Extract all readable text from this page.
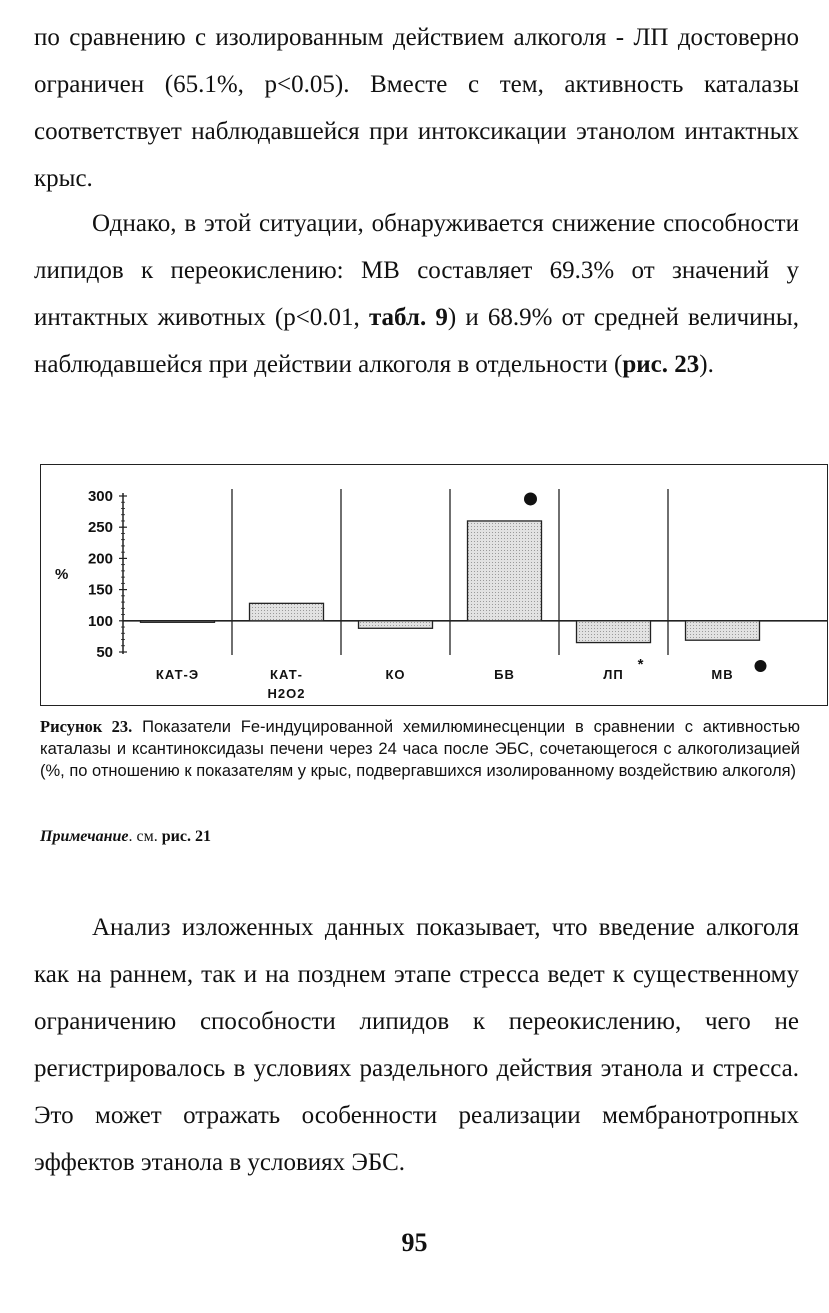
по сравнению с изолированным действием алкоголя - ЛП достоверно ограничен (65.1%, p<0.05). Вместе с тем, активность каталазы соответствует наблюдавшейся при интоксикации этанолом интактных крыс.

Однако, в этой ситуации, обнаруживается снижение способности липидов к переокислению: МВ составляет 69.3% от значений у интактных животных (p<0.01, табл. 9) и 68.9% от средней величины, наблюдавшейся при действии алкоголя в отдельности (рис. 23).

50
100
150
200
250
300
%
КАТ-Э	КАТ-
Н2О2
КО	БВ	ЛП	МВ
*

Рисунок 23. Показатели Fe-индуцированной хемилюминесценции в сравнении с активностью каталазы и ксантиноксидазы печени через 24 часа после ЭБС, сочетающегося с алкоголизацией (%, по отношению к показателям у крыс, подвергавшихся изолированному воздействию алкоголя)

Примечание. см. рис. 21

Анализ изложенных данных показывает, что введение алкоголя как на раннем, так и на позднем этапе стресса ведет к существенному ограничению способности липидов к переокислению, чего не регистрировалось в условиях раздельного действия этанола и стресса. Это может отражать особенности реализации мембранотропных эффектов этанола в условиях ЭБС.

95
